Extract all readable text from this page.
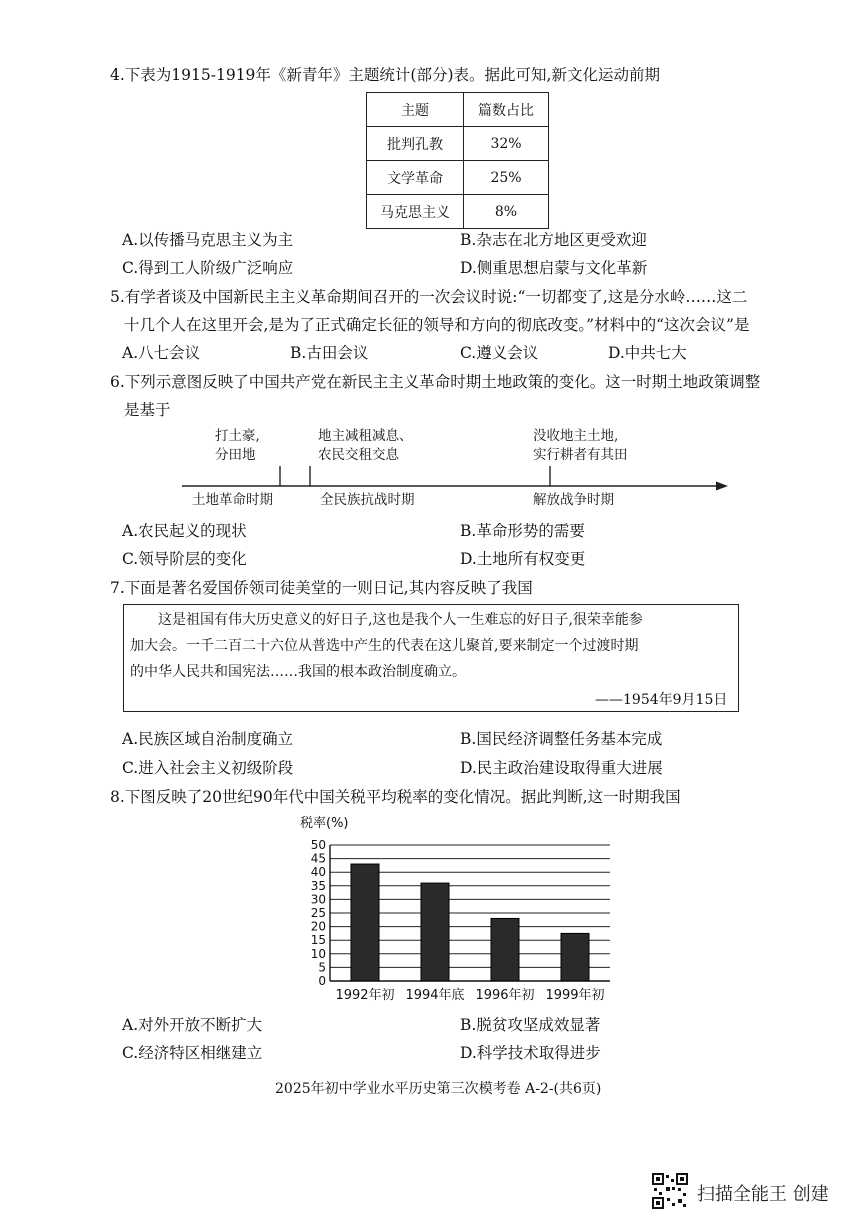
4.下表为1915-1919年《新青年》主题统计(部分)表。据此可知,新文化运动前期
主题	篇数占比
批判孔教	32%
文学革命	25%
马克思主义	8%
A.以传播马克思主义为主	B.杂志在北方地区更受欢迎
C.得到工人阶级广泛响应	D.侧重思想启蒙与文化革新
5.有学者谈及中国新民主主义革命期间召开的一次会议时说:“一切都变了,这是分水岭……这二
十几个人在这里开会,是为了正式确定长征的领导和方向的彻底改变。”材料中的“这次会议”是
A.八七会议	B.古田会议	C.遵义会议	D.中共七大
6.下列示意图反映了中国共产党在新民主主义革命时期土地政策的变化。这一时期土地政策调整
是基于
打土豪,
分田地
地主减租减息、
农民交租交息
没收地主土地,
实行耕者有其田
土地革命时期	全民族抗战时期	解放战争时期
A.农民起义的现状	B.革命形势的需要
C.领导阶层的变化	D.土地所有权变更
7.下面是著名爱国侨领司徒美堂的一则日记,其内容反映了我国
这是祖国有伟大历史意义的好日子,这也是我个人一生难忘的好日子,很荣幸能参
加大会。一千二百二十六位从普选中产生的代表在这儿聚首,要来制定一个过渡时期
的中华人民共和国宪法……我国的根本政治制度确立。
——1954年9月15日
A.民族区域自治制度确立	B.国民经济调整任务基本完成
C.进入社会主义初级阶段	D.民主政治建设取得重大进展
8.下图反映了20世纪90年代中国关税平均税率的变化情况。据此判断,这一时期我国
税率(%)
0
5
10
15
20
25
30
35
40
45
50
1992年初 1994年底 1996年初 1999年初
A.对外开放不断扩大	B.脱贫攻坚成效显著
C.经济特区相继建立	D.科学技术取得进步
2025年初中学业水平历史第三次模考卷 A-2-(共6页)
扫描全能王 创建
